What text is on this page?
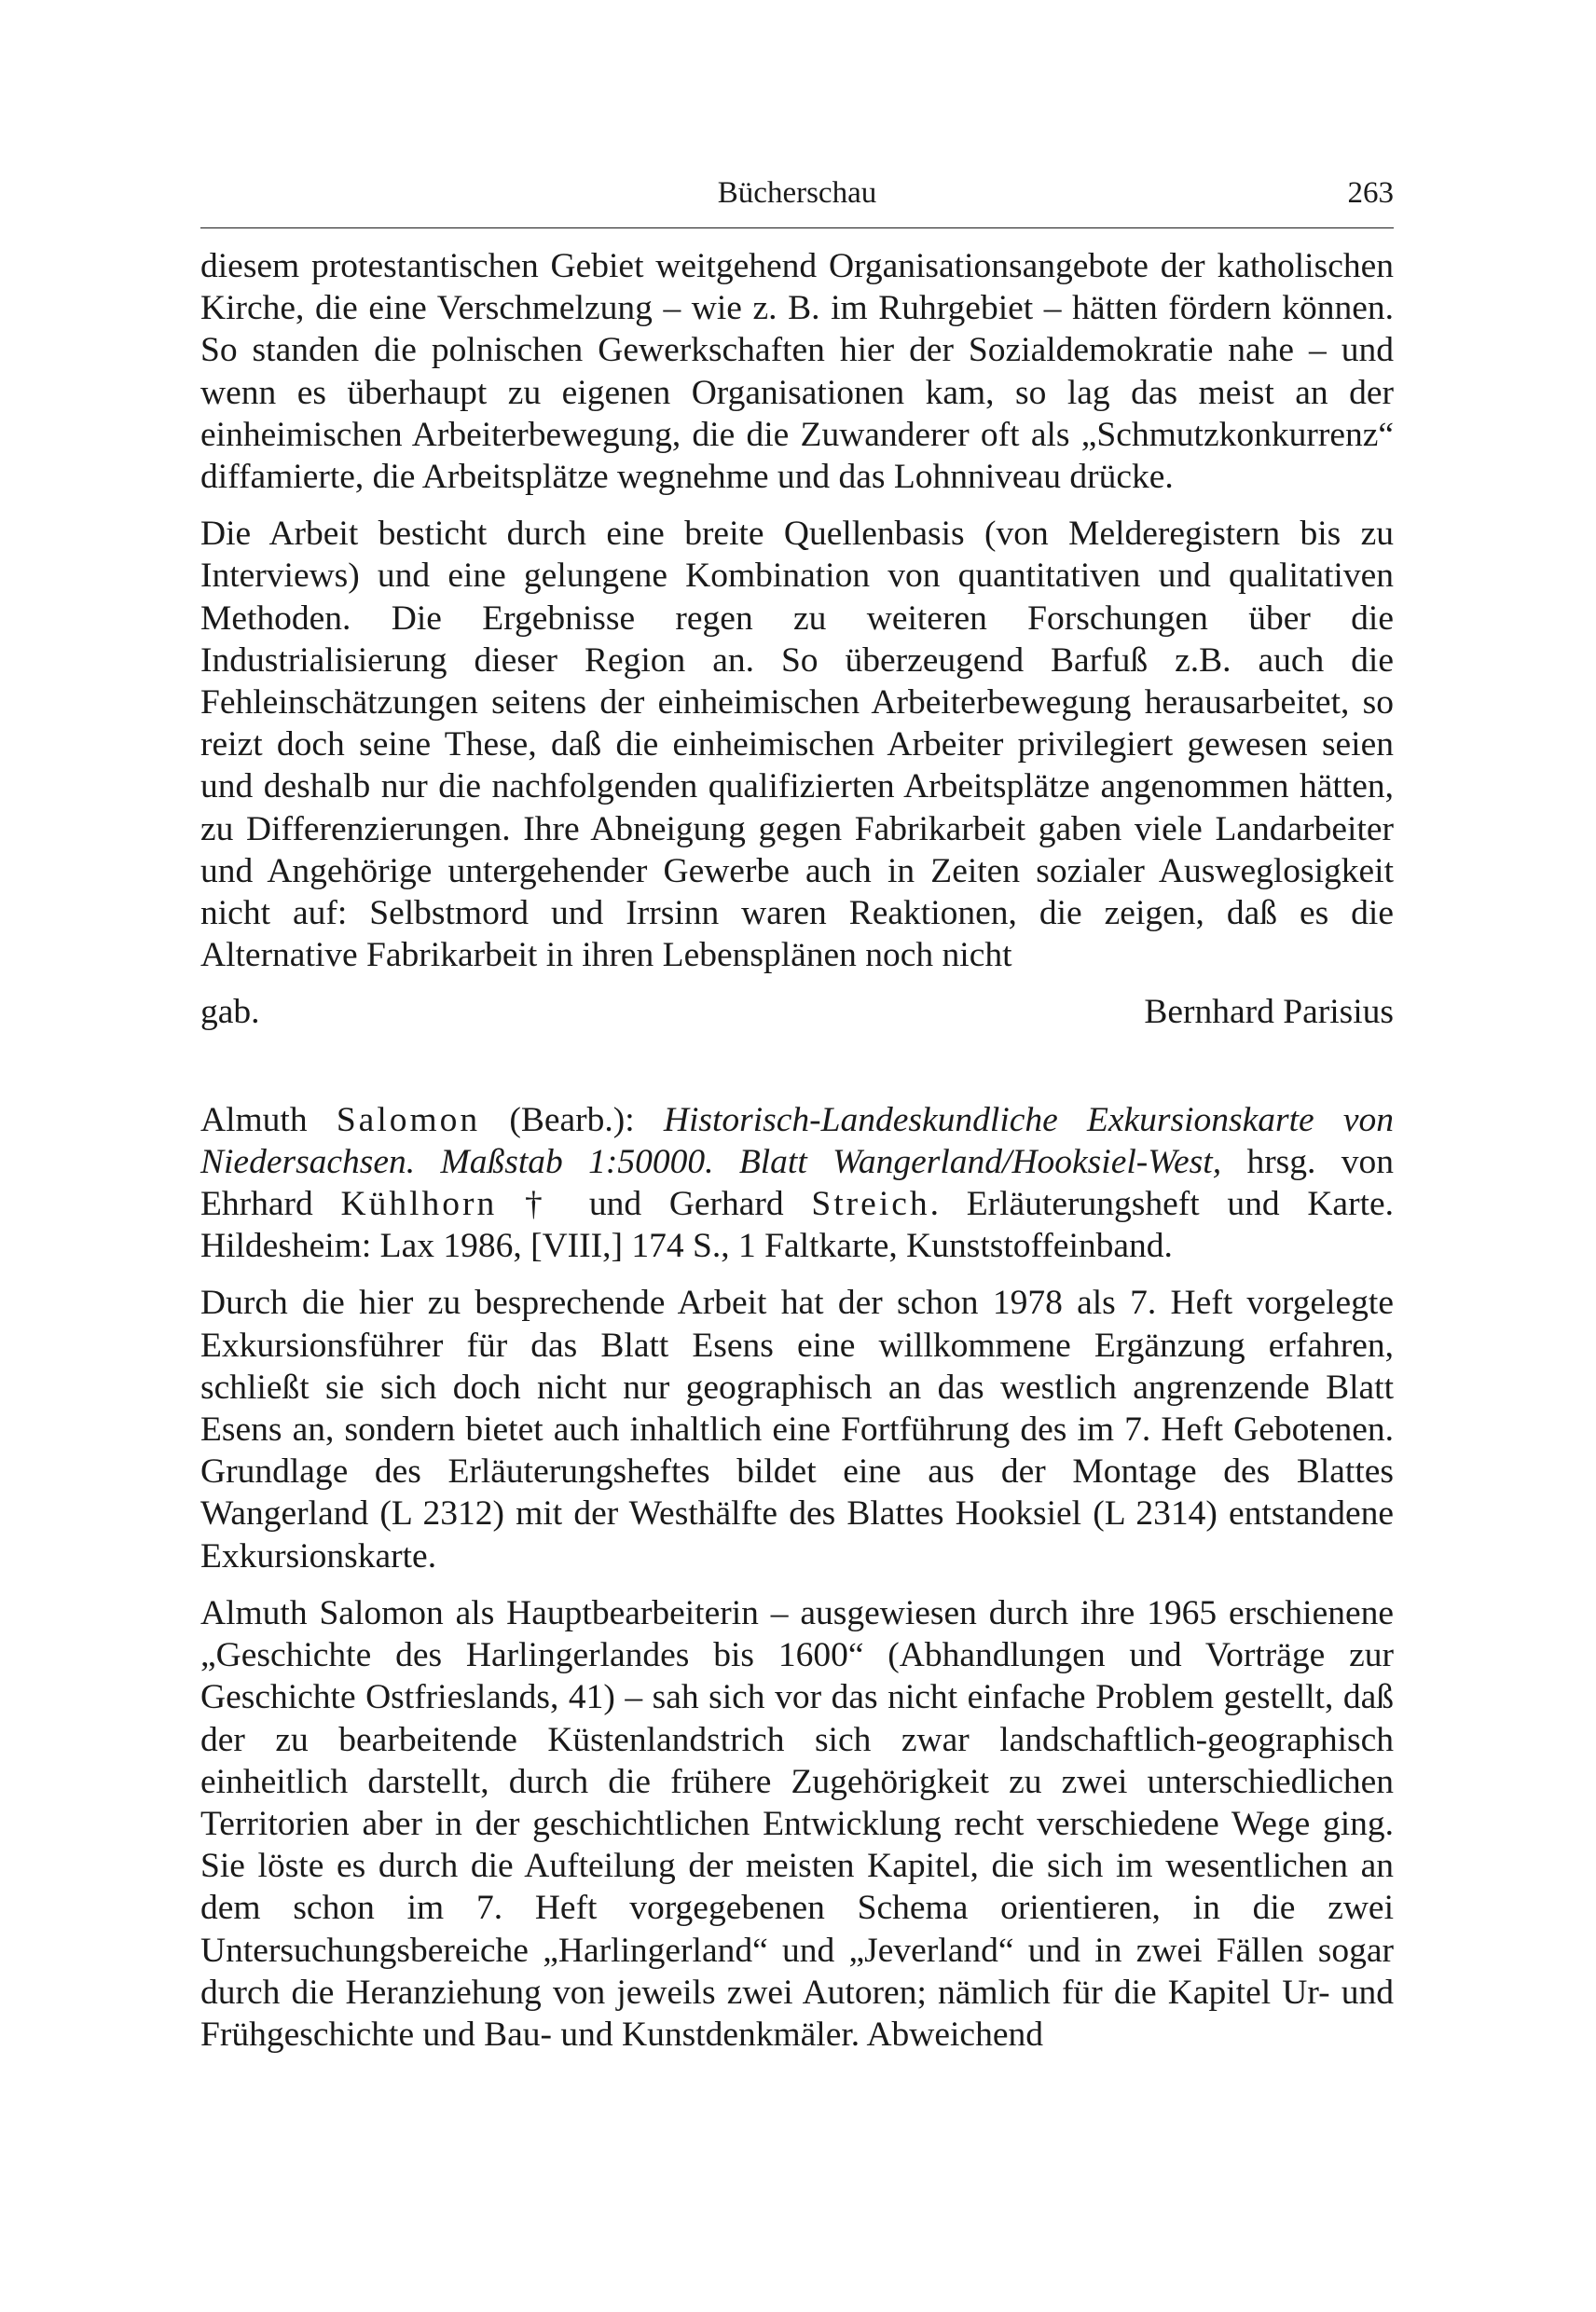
Bücherschau	263

diesem protestantischen Gebiet weitgehend Organisationsangebote der katholischen Kirche, die eine Verschmelzung – wie z. B. im Ruhrgebiet – hätten fördern können. So standen die polnischen Gewerkschaften hier der Sozialdemokratie nahe – und wenn es überhaupt zu eigenen Organisationen kam, so lag das meist an der einheimischen Arbeiterbewegung, die die Zuwanderer oft als „Schmutzkonkurrenz“ diffamierte, die Arbeitsplätze wegnehme und das Lohnniveau drücke.

Die Arbeit besticht durch eine breite Quellenbasis (von Melderegistern bis zu Interviews) und eine gelungene Kombination von quantitativen und qualitativen Methoden. Die Ergebnisse regen zu weiteren Forschungen über die Industrialisierung dieser Region an. So überzeugend Barfuß z.B. auch die Fehleinschätzungen seitens der einheimischen Arbeiterbewegung herausarbeitet, so reizt doch seine These, daß die einheimischen Arbeiter privilegiert gewesen seien und deshalb nur die nachfolgenden qualifizierten Arbeitsplätze angenommen hätten, zu Differenzierungen. Ihre Abneigung gegen Fabrikarbeit gaben viele Landarbeiter und Angehörige untergehender Gewerbe auch in Zeiten sozialer Ausweglosigkeit nicht auf: Selbstmord und Irrsinn waren Reaktionen, die zeigen, daß es die Alternative Fabrikarbeit in ihren Lebensplänen noch nicht

gab.	Bernhard Parisius

Almuth Salomon (Bearb.): Historisch-Landeskundliche Exkursionskarte von Niedersachsen. Maßstab 1:50000. Blatt Wangerland/Hooksiel-West, hrsg. von Ehrhard Kühlhorn † und Gerhard Streich. Erläuterungsheft und Karte. Hildesheim: Lax 1986, [VIII,] 174 S., 1 Faltkarte, Kunststoffeinband.

Durch die hier zu besprechende Arbeit hat der schon 1978 als 7. Heft vorgelegte Exkursionsführer für das Blatt Esens eine willkommene Ergänzung erfahren, schließt sie sich doch nicht nur geographisch an das westlich angrenzende Blatt Esens an, sondern bietet auch inhaltlich eine Fortführung des im 7. Heft Gebotenen. Grundlage des Erläuterungsheftes bildet eine aus der Montage des Blattes Wangerland (L 2312) mit der Westhälfte des Blattes Hooksiel (L 2314) entstandene Exkursionskarte.

Almuth Salomon als Hauptbearbeiterin – ausgewiesen durch ihre 1965 erschienene „Geschichte des Harlingerlandes bis 1600“ (Abhandlungen und Vorträge zur Geschichte Ostfrieslands, 41) – sah sich vor das nicht einfache Problem gestellt, daß der zu bearbeitende Küstenlandstrich sich zwar landschaftlich-geographisch einheitlich darstellt, durch die frühere Zugehörigkeit zu zwei unterschiedlichen Territorien aber in der geschichtlichen Entwicklung recht verschiedene Wege ging. Sie löste es durch die Aufteilung der meisten Kapitel, die sich im wesentlichen an dem schon im 7. Heft vorgegebenen Schema orientieren, in die zwei Untersuchungsbereiche „Harlingerland“ und „Jeverland“ und in zwei Fällen sogar durch die Heranziehung von jeweils zwei Autoren; nämlich für die Kapitel Ur- und Frühgeschichte und Bau- und Kunstdenkmäler. Abweichend
